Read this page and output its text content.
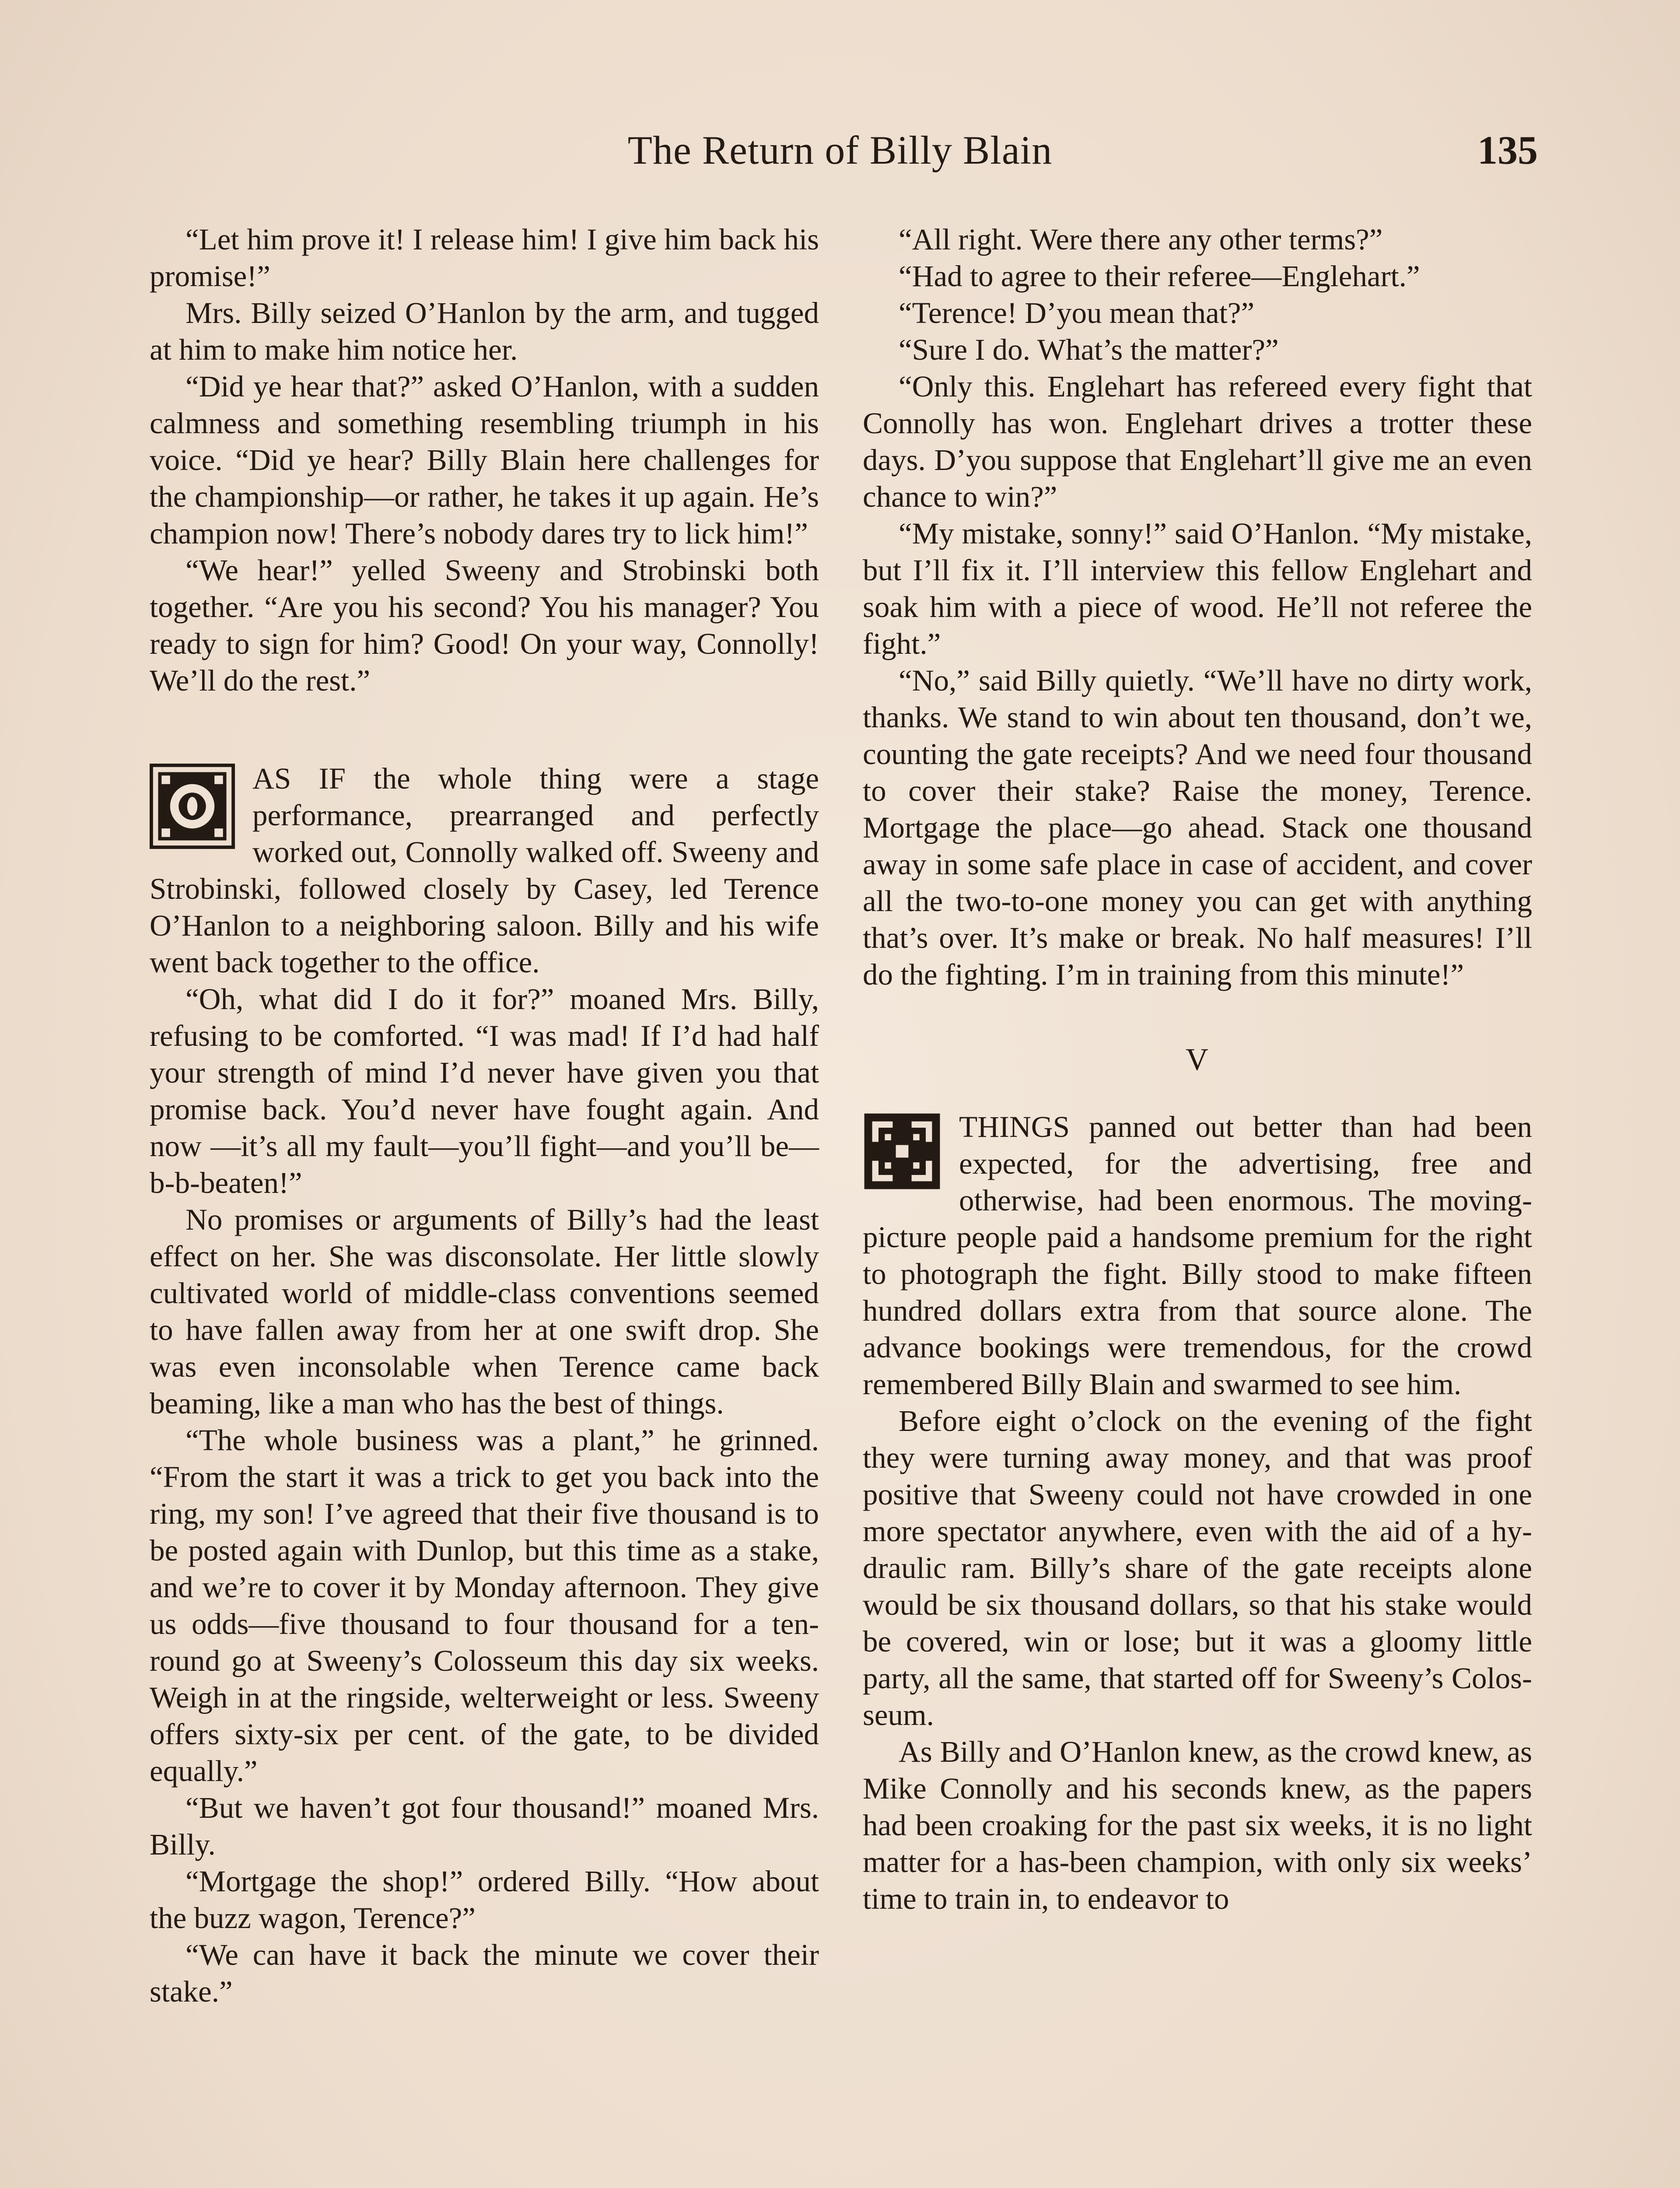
The Return of Billy Blain	135

“Let him prove it! I release him! I give him back his promise!”

Mrs. Billy seized O’Hanlon by the arm, and tugged at him to make him notice her.

“Did ye hear that?” asked O’Hanlon, with a sudden calmness and something resembling triumph in his voice. “Did ye hear? Billy Blain here challenges for the championship—or rather, he takes it up again. He’s champion now! There’s nobody dares try to lick him!”

“We hear!” yelled Sweeny and Strobinski both together. “Are you his second? You his manager? You ready to sign for him? Good! On your way, Connolly! We’ll do the rest.”

AS IF the whole thing were a stage performance, prearranged and perfectly worked out, Connolly walked off. Sweeny and Strobinski, followed closely by Casey, led Terence O’Hanlon to a neighboring saloon. Billy and his wife went back together to the office.

“Oh, what did I do it for?” moaned Mrs. Billy, refusing to be comforted. “I was mad! If I’d had half your strength of mind I’d never have given you that promise back. You’d never have fought again. And now —it’s all my fault—you’ll fight—and you’ll be—b-b-beaten!”

No promises or arguments of Billy’s had the least effect on her. She was disconsolate. Her little slowly cultivated world of middle-class conventions seemed to have fallen away from her at one swift drop. She was even inconsolable when Terence came back beaming, like a man who has the best of things.

“The whole business was a plant,” he grinned. “From the start it was a trick to get you back into the ring, my son! I’ve agreed that their five thousand is to be posted again with Dunlop, but this time as a stake, and we’re to cover it by Monday afternoon. They give us odds—five thousand to four thousand for a ten-round go at Sweeny’s Colosseum this day six weeks. Weigh in at the ringside, welterweight or less. Sweeny offers sixty-six per cent. of the gate, to be divided equally.”

“But we haven’t got four thousand!” moaned Mrs. Billy.

“Mortgage the shop!” ordered Billy. “How about the buzz wagon, Terence?”

“We can have it back the minute we cover their stake.”

“All right. Were there any other terms?”

“Had to agree to their referee—Englehart.”

“Terence! D’you mean that?”

“Sure I do. What’s the matter?”

“Only this. Englehart has refereed every fight that Connolly has won. Englehart drives a trotter these days. D’you suppose that Englehart’ll give me an even chance to win?”

“My mistake, sonny!” said O’Hanlon. “My mistake, but I’ll fix it. I’ll interview this fellow Englehart and soak him with a piece of wood. He’ll not referee the fight.”

“No,” said Billy quietly. “We’ll have no dirty work, thanks. We stand to win about ten thousand, don’t we, counting the gate receipts? And we need four thousand to cover their stake? Raise the money, Terence. Mortgage the place—go ahead. Stack one thousand away in some safe place in case of accident, and cover all the two-to-one money you can get with anything that’s over. It’s make or break. No half measures! I’ll do the fighting. I’m in training from this minute!”

V

THINGS panned out better than had been expected, for the advertising, free and otherwise, had been enormous. The moving-picture people paid a handsome premium for the right to photograph the fight. Billy stood to make fifteen hundred dollars extra from that source alone. The advance bookings were tremendous, for the crowd remembered Billy Blain and swarmed to see him.

Before eight o’clock on the evening of the fight they were turning away money, and that was proof positive that Sweeny could not have crowded in one more spectator anywhere, even with the aid of a hydraulic ram. Billy’s share of the gate receipts alone would be six thousand dollars, so that his stake would be covered, win or lose; but it was a gloomy little party, all the same, that started off for Sweeny’s Colosseum.

As Billy and O’Hanlon knew, as the crowd knew, as Mike Connolly and his seconds knew, as the papers had been croaking for the past six weeks, it is no light matter for a has-been champion, with only six weeks’ time to train in, to endeavor to
